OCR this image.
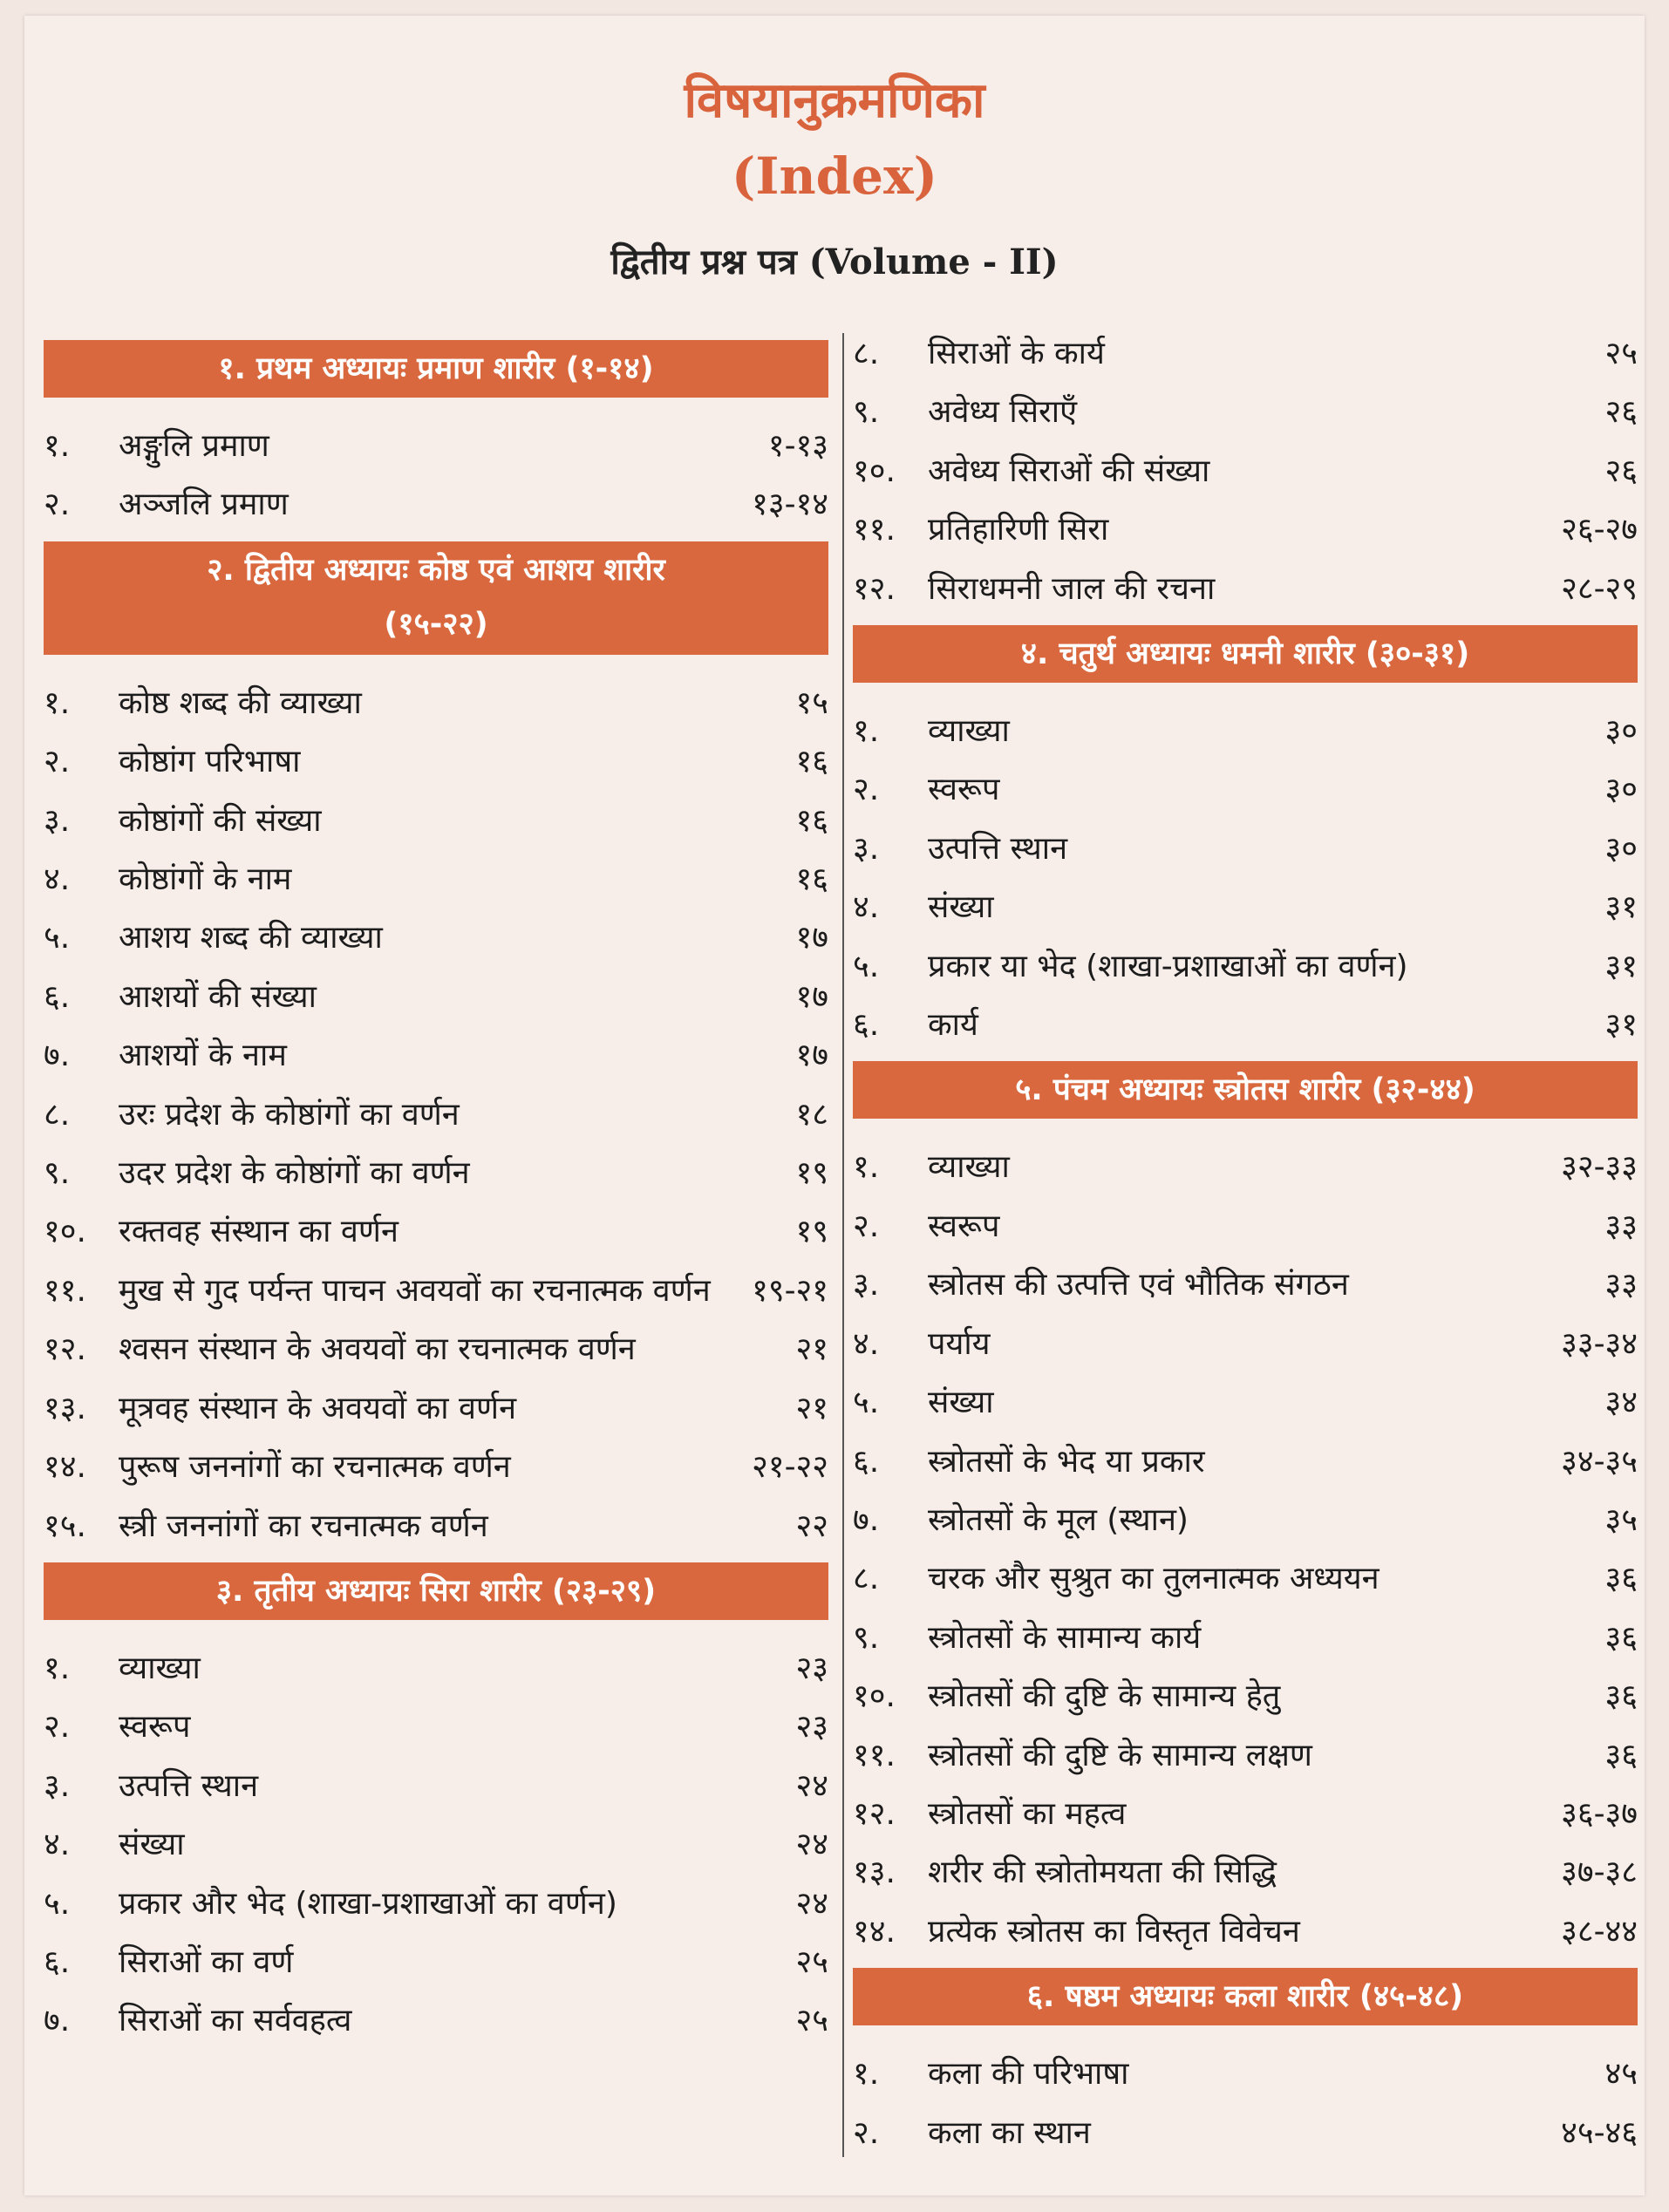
विषयानुक्रमणिका
(Index)
द्वितीय प्रश्न पत्र (Volume - II)
१. प्रथम अध्यायः प्रमाण शारीर (१-१४)
१.	अङ्गुलि प्रमाण	१-१३
२.	अञ्जलि प्रमाण	१३-१४
२. द्वितीय अध्यायः कोष्ठ एवं आशय शारीर
(१५-२२)
१.	कोष्ठ शब्द की व्याख्या	१५
२.	कोष्ठांग परिभाषा	१६
३.	कोष्ठांगों की संख्या	१६
४.	कोष्ठांगों के नाम	१६
५.	आशय शब्द की व्याख्या	१७
६.	आशयों की संख्या	१७
७.	आशयों के नाम	१७
८.	उरः प्रदेश के कोष्ठांगों का वर्णन	१८
९.	उदर प्रदेश के कोष्ठांगों का वर्णन	१९
१०.	रक्तवह संस्थान का वर्णन	१९
११.	मुख से गुद पर्यन्त पाचन अवयवों का रचनात्मक वर्णन	१९-२१
१२.	श्वसन संस्थान के अवयवों का रचनात्मक वर्णन	२१
१३.	मूत्रवह संस्थान के अवयवों का वर्णन	२१
१४.	पुरूष जननांगों का रचनात्मक वर्णन	२१-२२
१५.	स्त्री जननांगों का रचनात्मक वर्णन	२२
३. तृतीय अध्यायः सिरा शारीर (२३-२९)
१.	व्याख्या	२३
२.	स्वरूप	२३
३.	उत्पत्ति स्थान	२४
४.	संख्या	२४
५.	प्रकार और भेद (शाखा-प्रशाखाओं का वर्णन)	२४
६.	सिराओं का वर्ण	२५
७.	सिराओं का सर्ववहत्व	२५
८.	सिराओं के कार्य	२५
९.	अवेध्य सिराएँ	२६
१०.	अवेध्य सिराओं की संख्या	२६
११.	प्रतिहारिणी सिरा	२६-२७
१२.	सिराधमनी जाल की रचना	२८-२९
४. चतुर्थ अध्यायः धमनी शारीर (३०-३१)
१.	व्याख्या	३०
२.	स्वरूप	३०
३.	उत्पत्ति स्थान	३०
४.	संख्या	३१
५.	प्रकार या भेद (शाखा-प्रशाखाओं का वर्णन)	३१
६.	कार्य	३१
५. पंचम अध्यायः स्त्रोतस शारीर (३२-४४)
१.	व्याख्या	३२-३३
२.	स्वरूप	३३
३.	स्त्रोतस की उत्पत्ति एवं भौतिक संगठन	३३
४.	पर्याय	३३-३४
५.	संख्या	३४
६.	स्त्रोतसों के भेद या प्रकार	३४-३५
७.	स्त्रोतसों के मूल (स्थान)	३५
८.	चरक और सुश्रुत का तुलनात्मक अध्ययन	३६
९.	स्त्रोतसों के सामान्य कार्य	३६
१०.	स्त्रोतसों की दुष्टि के सामान्य हेतु	३६
११.	स्त्रोतसों की दुष्टि के सामान्य लक्षण	३६
१२.	स्त्रोतसों का महत्व	३६-३७
१३.	शरीर की स्त्रोतोमयता की सिद्धि	३७-३८
१४.	प्रत्येक स्त्रोतस का विस्तृत विवेचन	३८-४४
६. षष्ठम अध्यायः कला शारीर (४५-४८)
१.	कला की परिभाषा	४५
२.	कला का स्थान	४५-४६
